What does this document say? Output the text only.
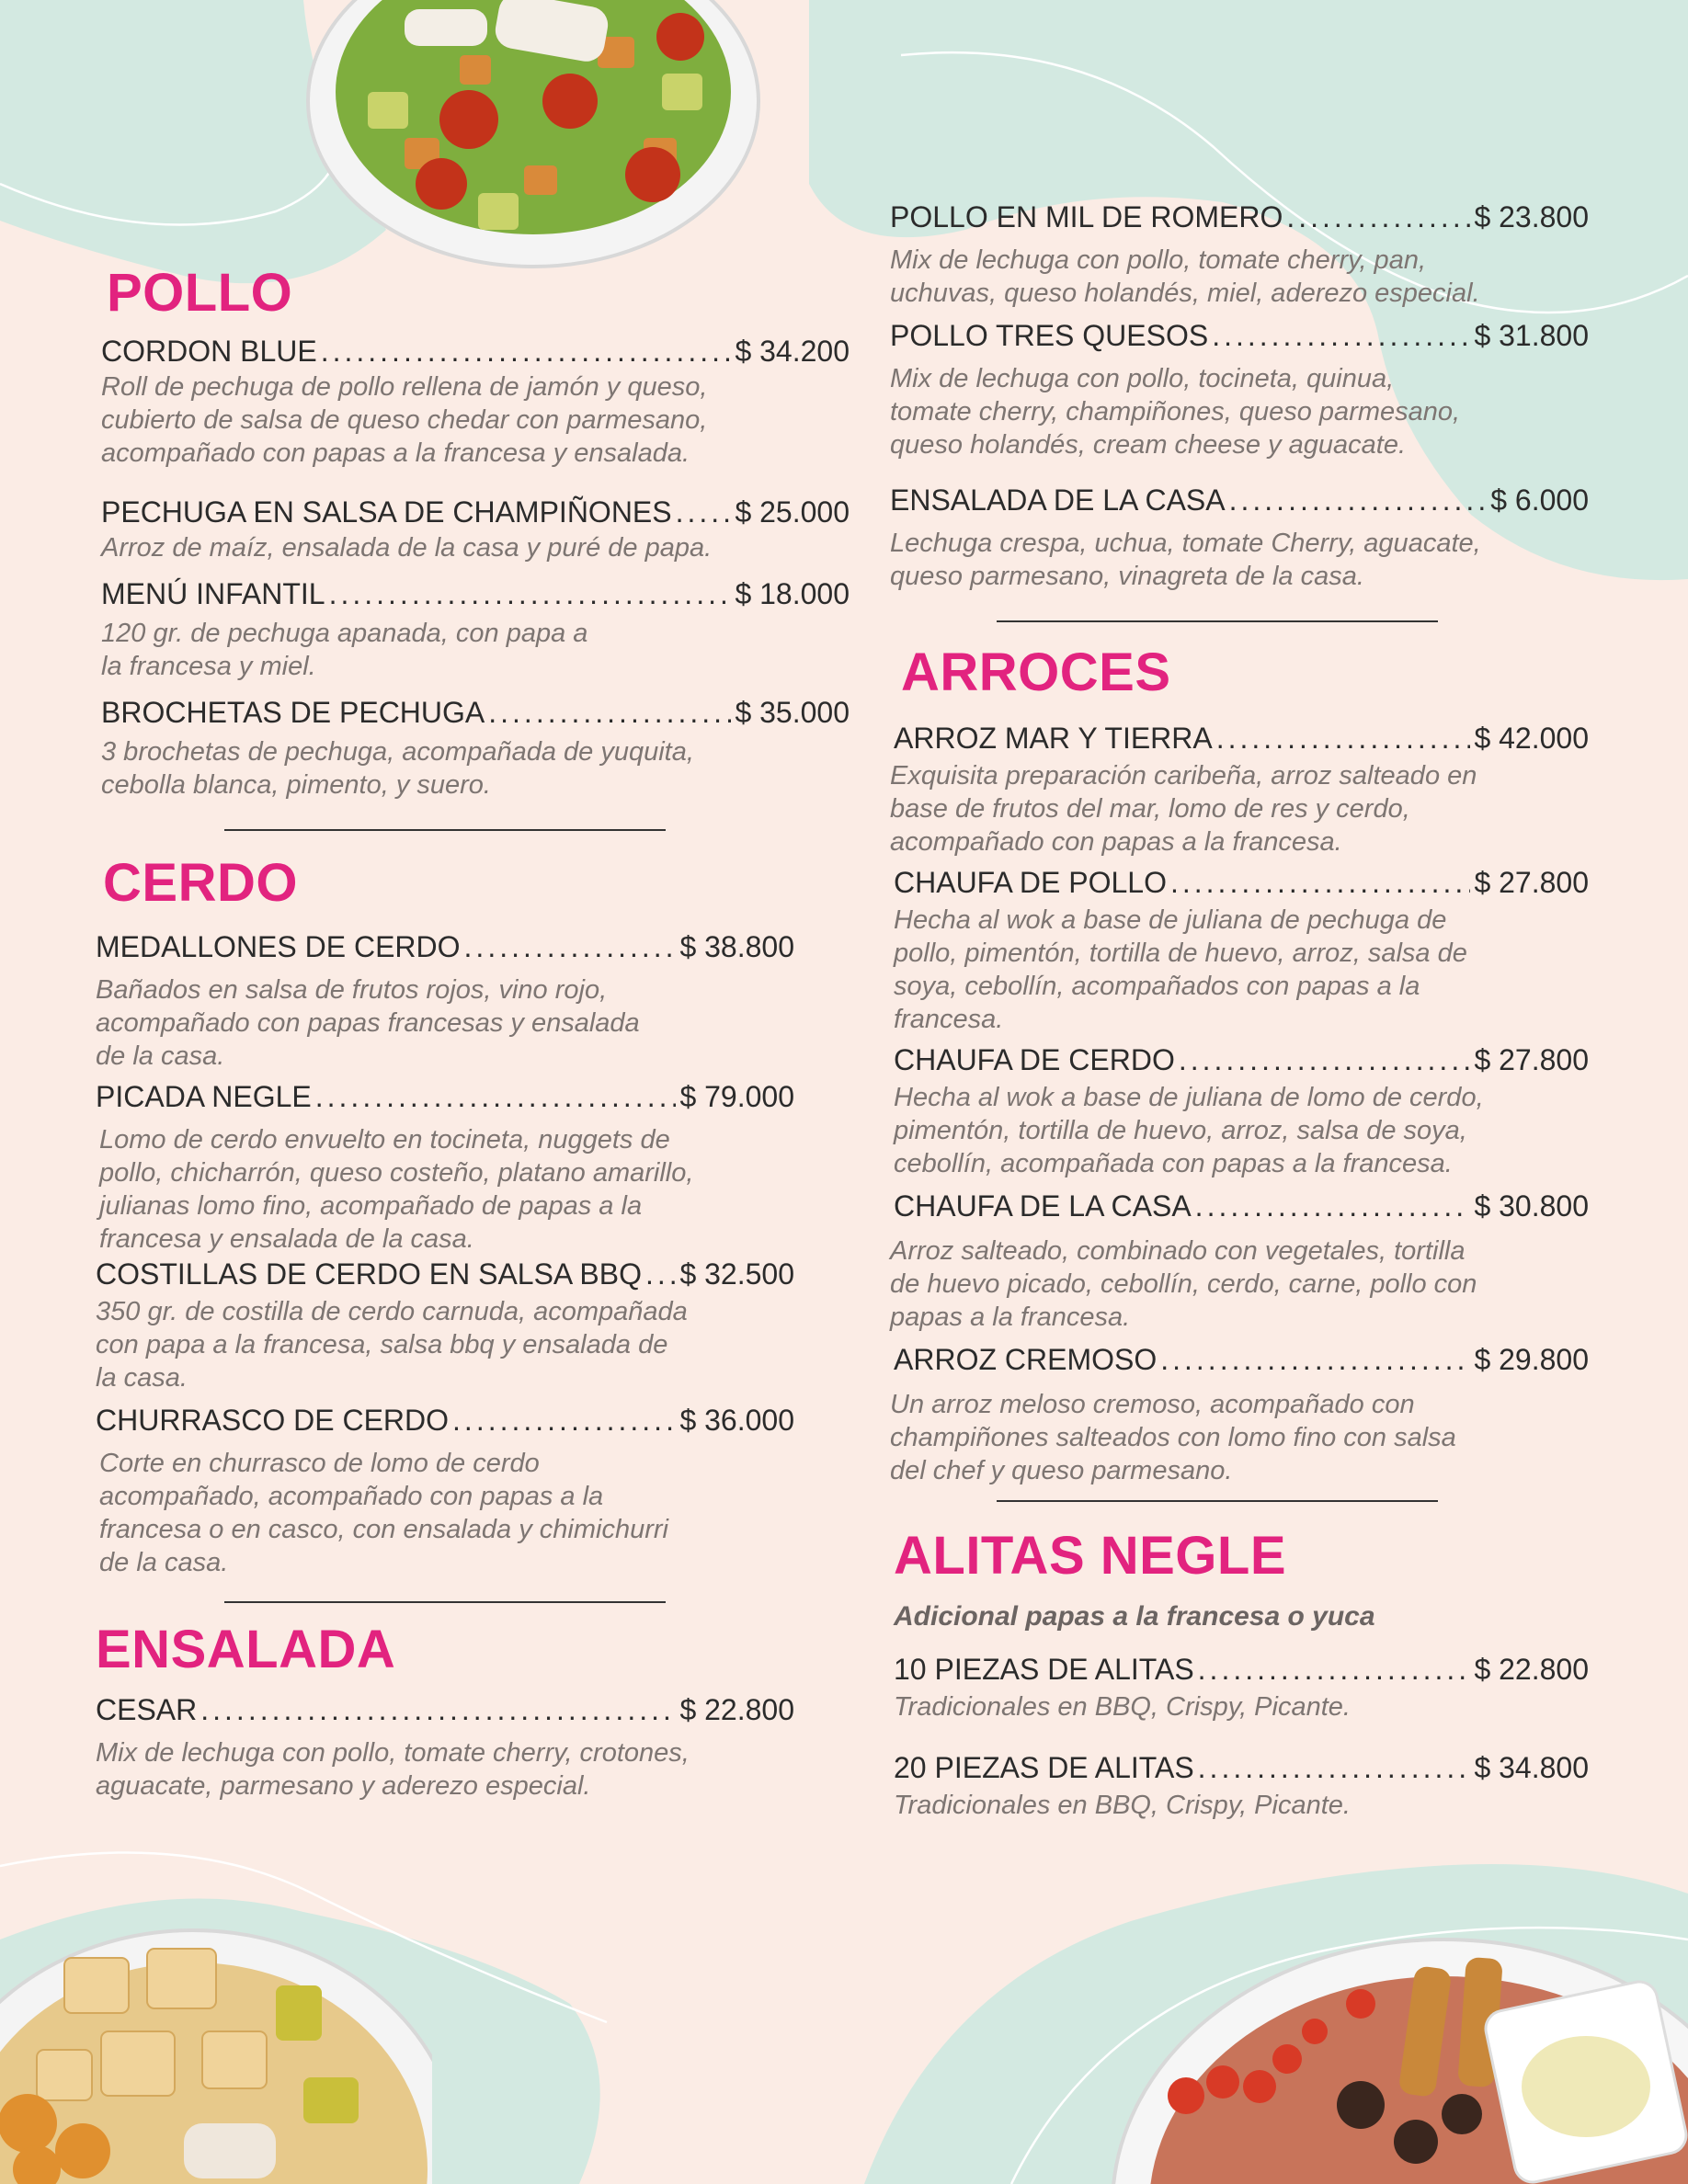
POLLO
CORDON BLUE .....	$ 34.200
Roll de pechuga de pollo rellena de jamón y queso,
cubierto de salsa de queso chedar con parmesano,
acompañado con papas a la francesa y ensalada.
PECHUGA EN SALSA DE CHAMPIÑONES ..... $ 25.000
Arroz de maíz, ensalada de la casa y puré de papa.
MENÚ INFANTIL .....	$ 18.000
120 gr. de pechuga apanada, con papa a
la francesa y miel.
BROCHETAS DE PECHUGA .....	$ 35.000
3 brochetas de pechuga, acompañada de yuquita,
cebolla blanca, pimento, y suero.
CERDO
MEDALLONES DE CERDO .....	$ 38.800
Bañados en salsa de frutos rojos, vino rojo,
acompañado con papas francesas y ensalada
de la casa.
PICADA NEGLE .....	$ 79.000
Lomo de cerdo envuelto en tocineta, nuggets de
pollo, chicharrón, queso costeño, platano amarillo,
julianas lomo fino, acompañado de papas a la
francesa y ensalada de la casa.
COSTILLAS DE CERDO EN SALSA BBQ ..... $ 32.500
350 gr. de costilla de cerdo carnuda, acompañada
con papa a la francesa, salsa bbq y ensalada de
la casa.
CHURRASCO DE CERDO .....	$ 36.000
Corte en churrasco de lomo de cerdo
acompañado, acompañado con papas a la
francesa o en casco, con ensalada y chimichurri
de la casa.
ENSALADA
CESAR .....	$ 22.800
Mix de lechuga con pollo, tomate cherry, crotones,
aguacate, parmesano y aderezo especial.
POLLO EN MIL DE ROMERO .....	$ 23.800
Mix de lechuga con pollo, tomate cherry, pan,
uchuvas, queso holandés, miel, aderezo especial.
POLLO TRES QUESOS .....	$ 31.800
Mix de lechuga con pollo, tocineta, quinua,
tomate cherry, champiñones, queso parmesano,
queso holandés, cream cheese y aguacate.
ENSALADA DE LA CASA .....	$ 6.000
Lechuga crespa, uchua, tomate Cherry, aguacate,
queso parmesano, vinagreta de la casa.
ARROCES
ARROZ MAR Y TIERRA .....	$ 42.000
Exquisita preparación caribeña, arroz salteado en
base de frutos del mar, lomo de res y cerdo,
acompañado con papas a la francesa.
CHAUFA DE POLLO .....	$ 27.800
Hecha al wok a base de juliana de pechuga de
pollo, pimentón, tortilla de huevo, arroz, salsa de
soya, cebollín, acompañados con papas a la
francesa.
CHAUFA DE CERDO .....	$ 27.800
Hecha al wok a base de juliana de lomo de cerdo,
pimentón, tortilla de huevo, arroz, salsa de soya,
cebollín, acompañada con papas a la francesa.
CHAUFA DE LA CASA .....	$ 30.800
Arroz salteado, combinado con vegetales, tortilla
de huevo picado, cebollín, cerdo, carne, pollo con
papas a la francesa.
ARROZ CREMOSO .....	$ 29.800
Un arroz meloso cremoso, acompañado con
champiñones salteados con lomo fino con salsa
del chef y queso parmesano.
ALITAS NEGLE
Adicional papas a la francesa o yuca
10 PIEZAS DE ALITAS .....	$ 22.800
Tradicionales en BBQ, Crispy, Picante.
20 PIEZAS DE ALITAS .....	$ 34.800
Tradicionales en BBQ, Crispy, Picante.
